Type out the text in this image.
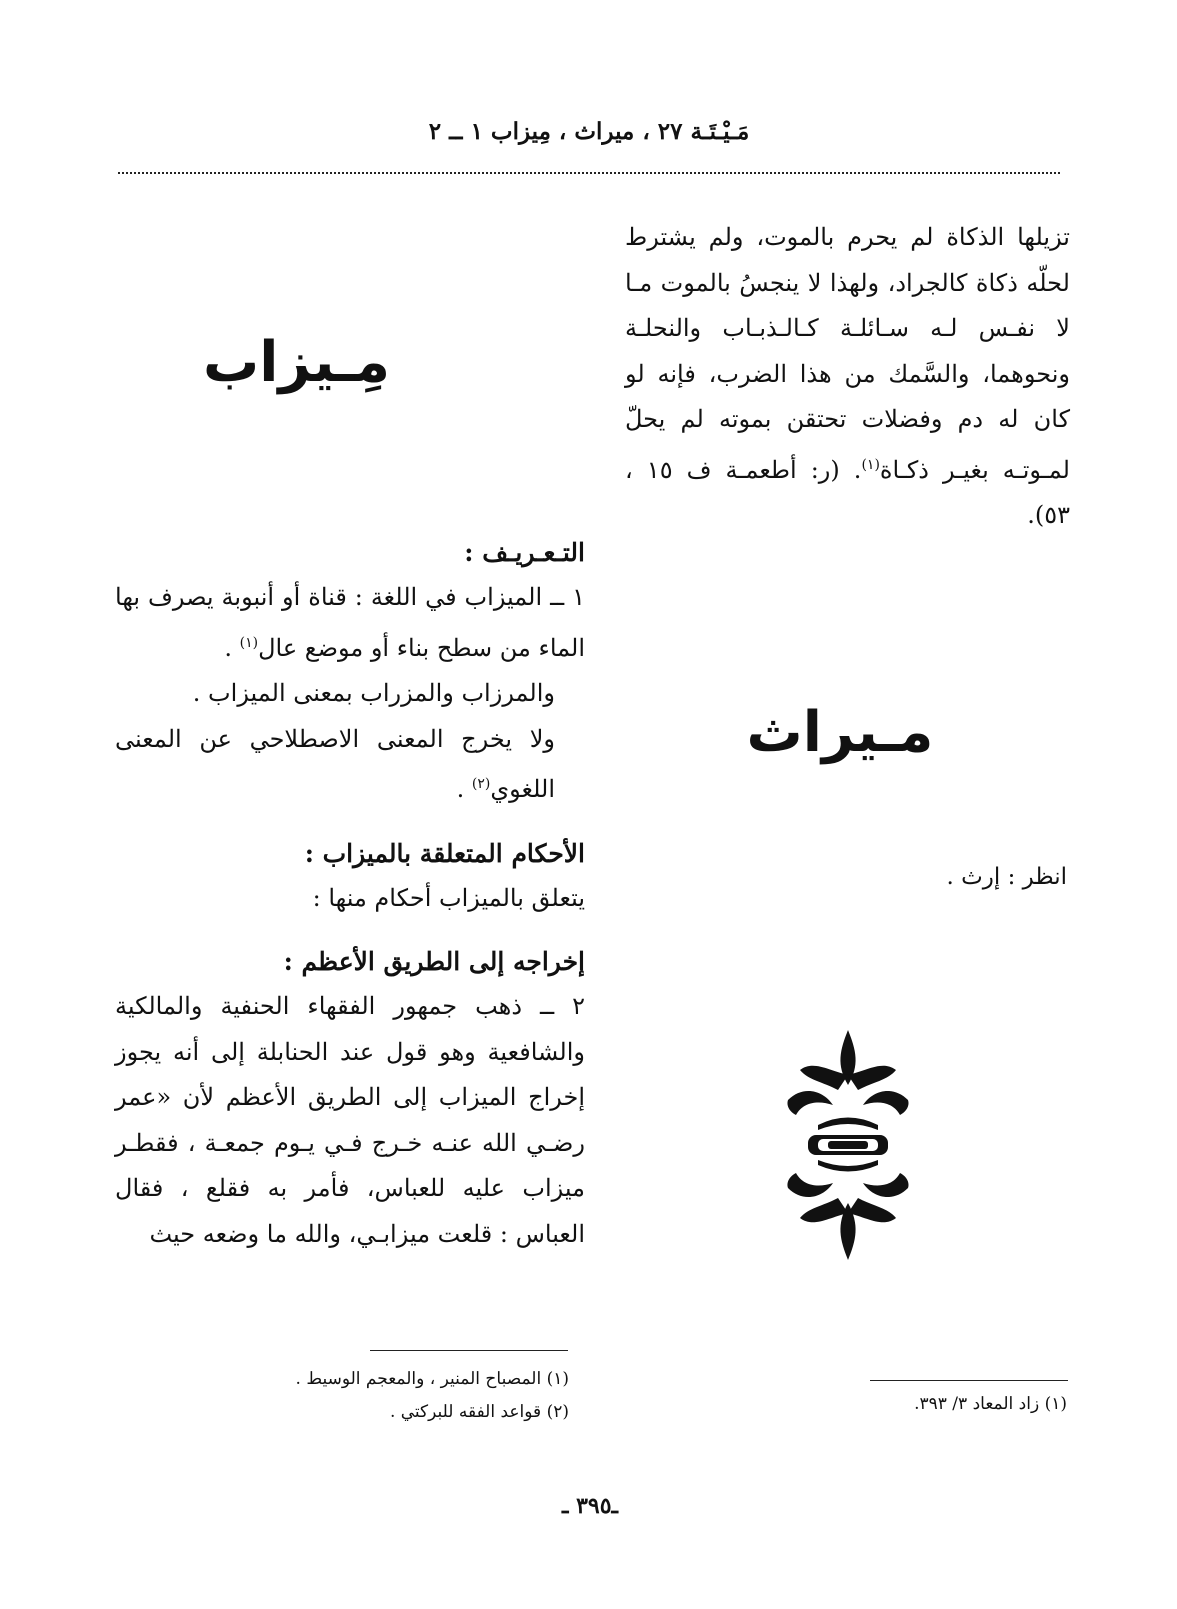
مَـيْـتَـة ٢٧ ، ميراث ، مِيزاب ١ ــ ٢

تزيلها الذكاة لم يحرم بالموت، ولم يشترط لحلّه ذكاة كالجراد، ولهذا لا ينجسُ بالموت مـا لا نفـس لـه سـائلـة كـالـذبـاب والنحلـة ونحوهما، والسَّمك من هذا الضرب، فإنه لو كان له دم وفضلات تحتقن بموته لم يحلّ لمـوتـه بغيـر ذكـاة$^{(١)}$. (ر: أطعمـة ف ١٥ ، ٥٣).

مـيراث
انظر : إرث .
(١) زاد المعاد ٣/ ٣٩٣.
مِـيزاب

التـعـريـف :

١ ــ الميزاب في اللغة : قناة أو أنبوبة يصرف بها الماء من سطح بناء أو موضع عال$^{(١)}$ .

والمرزاب والمزراب بمعنى الميزاب .

ولا يخرج المعنى الاصطلاحي عن المعنى اللغوي$^{(٢)}$ .

الأحكام المتعلقة بالميزاب :

يتعلق بالميزاب أحكام منها :

إخراجه إلى الطريق الأعظم :

٢ ــ ذهب جمهور الفقهاء الحنفية والمالكية والشافعية وهو قول عند الحنابلة إلى أنه يجوز إخراج الميزاب إلى الطريق الأعظم لأن «عمر رضـي الله عنـه خـرج فـي يـوم جمعـة ، فقطـر ميزاب عليه للعباس، فأمر به فقلع ، فقال العباس : قلعت ميزابـي، والله ما وضعه حيث

(١) المصباح المنير ، والمعجم الوسيط .
(٢) قواعد الفقه للبركتي .
ـ٣٩٥ ـ
